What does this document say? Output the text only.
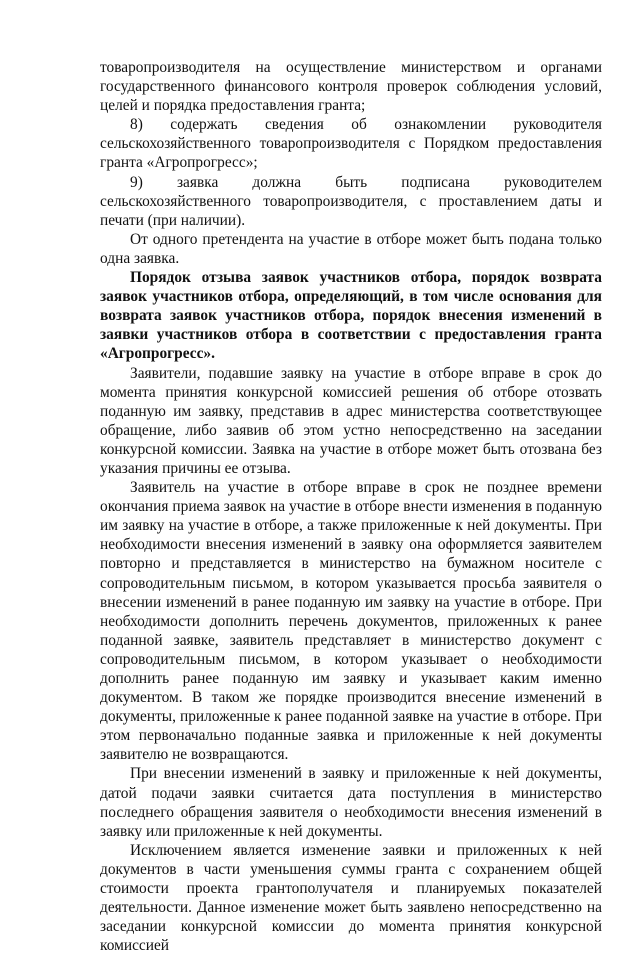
товаропроизводителя на осуществление министерством и органами государственного финансового контроля проверок соблюдения условий, целей и порядка предоставления гранта;

8) содержать сведения об ознакомлении руководителя сельскохозяйственного товаропроизводителя с Порядком предоставления гранта «Агропрогресс»;

9) заявка должна быть подписана руководителем сельскохозяйственного товаропроизводителя, с проставлением даты и печати (при наличии).

От одного претендента на участие в отборе может быть подана только одна заявка.

Порядок отзыва заявок участников отбора, порядок возврата заявок участников отбора, определяющий, в том числе основания для возврата заявок участников отбора, порядок внесения изменений в заявки участников отбора в соответствии с предоставления гранта «Агропрогресс».

Заявители, подавшие заявку на участие в отборе вправе в срок до момента принятия конкурсной комиссией решения об отборе отозвать поданную им заявку, представив в адрес министерства соответствующее обращение, либо заявив об этом устно непосредственно на заседании конкурсной комиссии. Заявка на участие в отборе может быть отозвана без указания причины ее отзыва.

Заявитель на участие в отборе вправе в срок не позднее времени окончания приема заявок на участие в отборе внести изменения в поданную им заявку на участие в отборе, а также приложенные к ней документы. При необходимости внесения изменений в заявку она оформляется заявителем повторно и представляется в министерство на бумажном носителе с сопроводительным письмом, в котором указывается просьба заявителя о внесении изменений в ранее поданную им заявку на участие в отборе. При необходимости дополнить перечень документов, приложенных к ранее поданной заявке, заявитель представляет в министерство документ с сопроводительным письмом, в котором указывает о необходимости дополнить ранее поданную им заявку и указывает каким именно документом. В таком же порядке производится внесение изменений в документы, приложенные к ранее поданной заявке на участие в отборе. При этом первоначально поданные заявка и приложенные к ней документы заявителю не возвращаются.

При внесении изменений в заявку и приложенные к ней документы, датой подачи заявки считается дата поступления в министерство последнего обращения заявителя о необходимости внесения изменений в заявку или приложенные к ней документы.

Исключением является изменение заявки и приложенных к ней документов в части уменьшения суммы гранта с сохранением общей стоимости проекта грантополучателя и планируемых показателей деятельности. Данное изменение может быть заявлено непосредственно на заседании конкурсной комиссии до момента принятия конкурсной комиссией
